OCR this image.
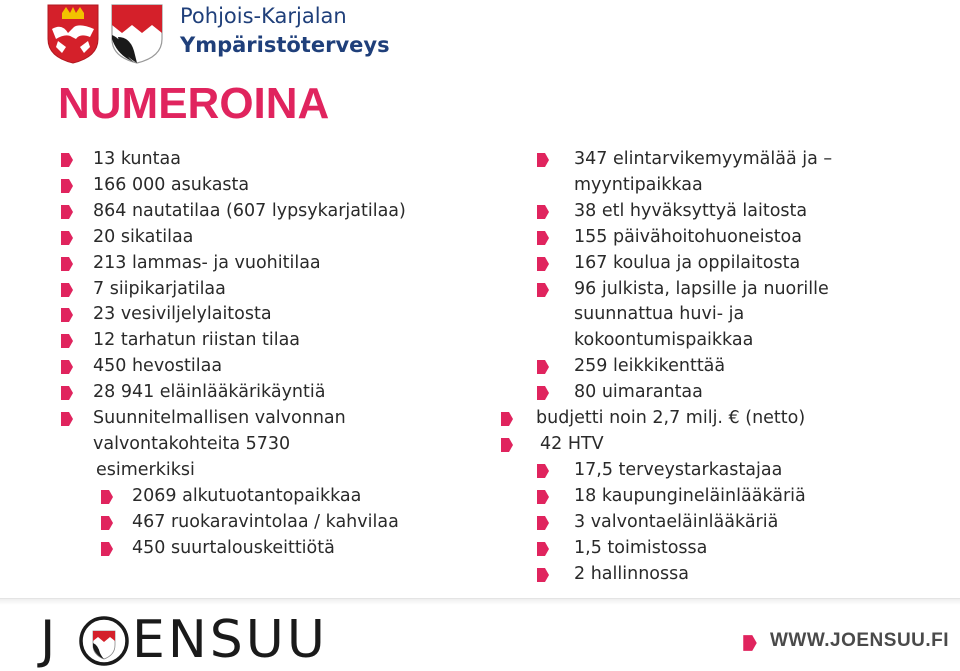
Pohjois-Karjalan
Ympäristöterveys
NUMEROINA
13 kuntaa
166 000 asukasta
864 nautatilaa (607 lypsykarjatilaa)
20 sikatilaa
213 lammas- ja vuohitilaa
7 siipikarjatilaa
23 vesiviljelylaitosta
12 tarhatun riistan tilaa
450 hevostilaa
28 941 eläinlääkärikäyntiä
Suunnitelmallisen valvonnan
valvontakohteita 5730
esimerkiksi
2069 alkutuotantopaikkaa
467 ruokaravintolaa / kahvilaa
450 suurtalouskeittiötä
347 elintarvikemyymälää ja –
myyntipaikkaa
38 etl hyväksyttyä laitosta
155 päivähoitohuoneistoa
167 koulua ja oppilaitosta
96 julkista, lapsille ja nuorille
suunnattua huvi- ja
kokoontumispaikkaa
259 leikkikenttää
80 uimarantaa
budjetti noin 2,7 milj. € (netto)
42 HTV
17,5 terveystarkastajaa
18 kaupungineläinlääkäriä
3 valvontaeläinlääkäriä
1,5 toimistossa
2 hallinnossa
J ENSUU	WWW.JOENSUU.FI
